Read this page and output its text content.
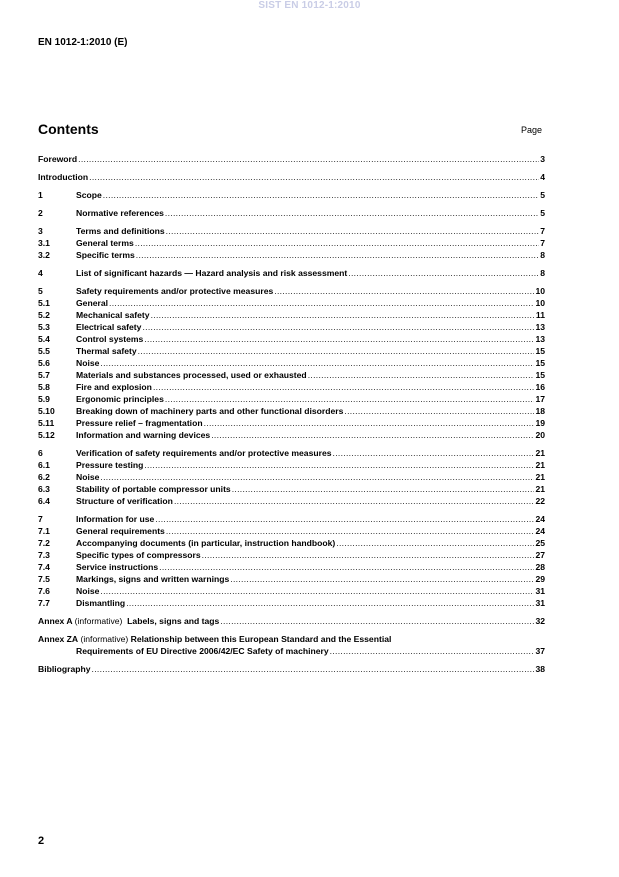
SIST EN 1012-1:2010
EN 1012-1:2010 (E)
Contents	Page
Foreword .....	3
Introduction .....	4
1	Scope .....	5
2	Normative references .....	5
3	Terms and definitions .....	7
3.1	General terms .....	7
3.2	Specific terms .....	8
4	List of significant hazards — Hazard analysis and risk assessment .....	8
5	Safety requirements and/or protective measures .....	10
5.1	General .....	10
5.2	Mechanical safety .....	11
5.3	Electrical safety .....	13
5.4	Control systems .....	13
5.5	Thermal safety .....	15
5.6	Noise .....	15
5.7	Materials and substances processed, used or exhausted .....	15
5.8	Fire and explosion .....	16
5.9	Ergonomic principles .....	17
5.10	Breaking down of machinery parts and other functional disorders .....	18
5.11	Pressure relief – fragmentation .....	19
5.12	Information and warning devices .....	20
6	Verification of safety requirements and/or protective measures .....	21
6.1	Pressure testing .....	21
6.2	Noise .....	21
6.3	Stability of portable compressor units .....	21
6.4	Structure of verification .....	22
7	Information for use .....	24
7.1	General requirements .....	24
7.2	Accompanying documents (in particular, instruction handbook) .....	25
7.3	Specific types of compressors .....	27
7.4	Service instructions .....	28
7.5	Markings, signs and written warnings .....	29
7.6	Noise .....	31
7.7	Dismantling .....	31
Annex A (informative) Labels, signs and tags .....	32
Annex ZA
(informative)
Relationship between this European Standard and the Essential
Requirements of EU Directive 2006/42/EC Safety of machinery .....	37
Bibliography .....	38
2
